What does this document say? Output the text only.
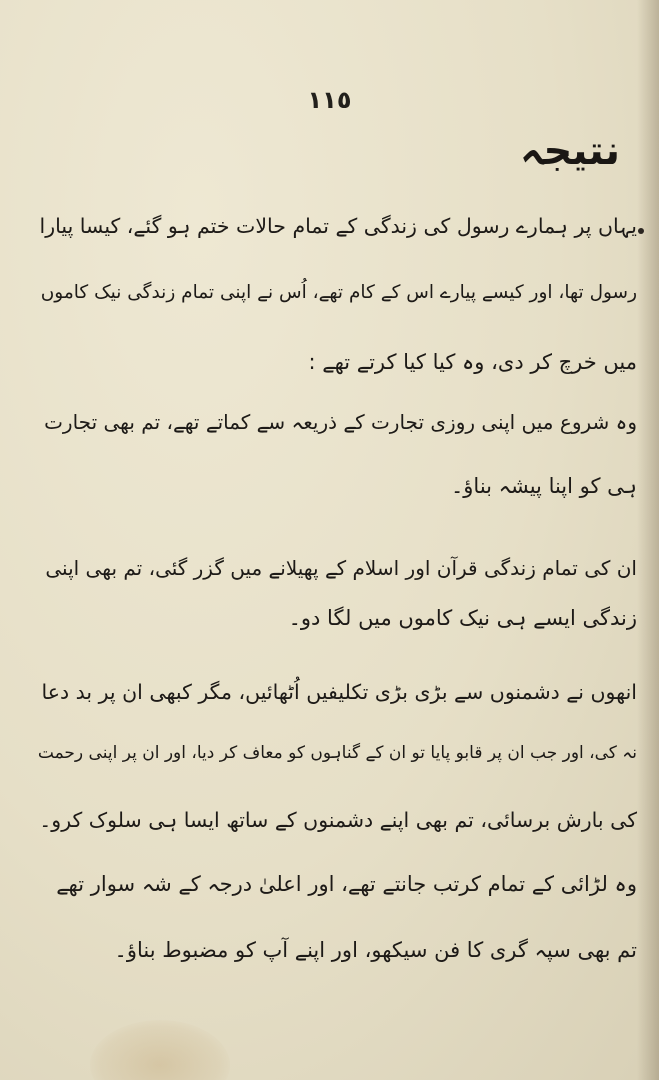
١١٥
نتیجہ
یہاں پر ہمارے رسول کی زندگی کے تمام حالات ختم ہو گئے، کیسا پیارا
رسول تھا، اور کیسے پیارے اس کے کام تھے، اُس نے اپنی تمام زندگی نیک کاموں
میں خرچ کر دی، وہ کیا کیا کرتے تھے :
وہ شروع میں اپنی روزی تجارت کے ذریعہ سے کماتے تھے، تم بھی تجارت
ہی کو اپنا پیشہ بناؤ۔
ان کی تمام زندگی قرآن اور اسلام کے پھیلانے میں گزر گئی، تم بھی اپنی
زندگی ایسے ہی نیک کاموں میں لگا دو۔
انھوں نے دشمنوں سے بڑی بڑی تکلیفیں اُٹھائیں، مگر کبھی ان پر بد دعا
نہ کی، اور جب ان پر قابو پایا تو ان کے گناہوں کو معاف کر دیا، اور ان پر اپنی رحمت
کی بارش برسائی، تم بھی اپنے دشمنوں کے ساتھ ایسا ہی سلوک کرو۔
وہ لڑائی کے تمام کرتب جانتے تھے، اور اعلیٰ درجہ کے شہ سوار تھے
تم بھی سپہ گری کا فن سیکھو، اور اپنے آپ کو مضبوط بناؤ۔
